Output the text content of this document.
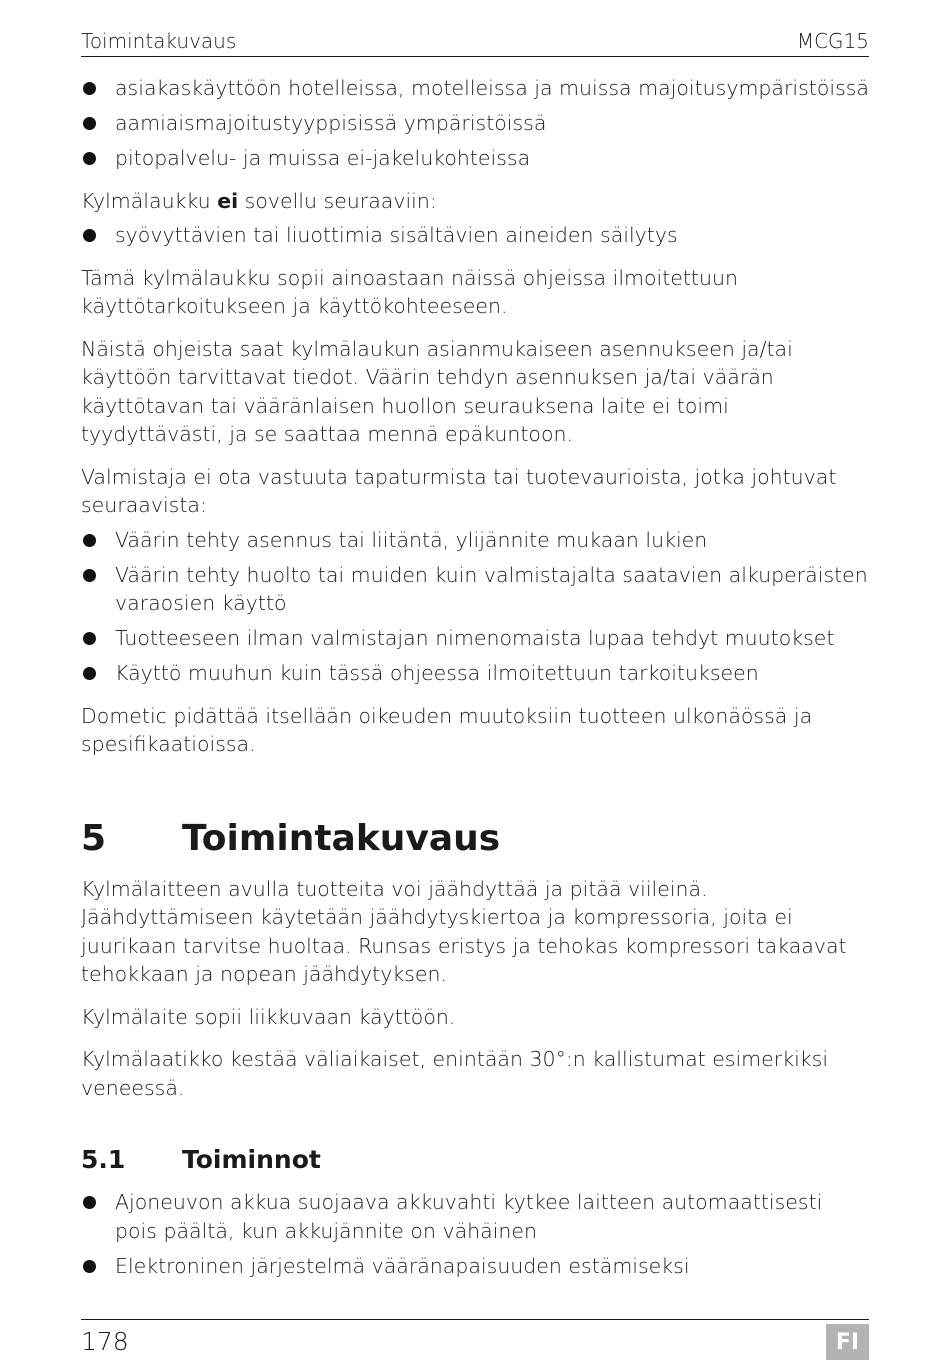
Toimintakuvaus	MCG15
asiakaskäyttöön hotelleissa, motelleissa ja muissa majoitusympäristöissä
aamiaismajoitustyyppisissä ympäristöissä
pitopalvelu- ja muissa ei-jakelukohteissa

Kylmälaukku ei sovellu seuraaviin:

syövyttävien tai liuottimia sisältävien aineiden säilytys

Tämä kylmälaukku sopii ainoastaan näissä ohjeissa ilmoitettuun käyttötarkoitukseen ja käyttökohteeseen.

Näistä ohjeista saat kylmälaukun asianmukaiseen asennukseen ja/tai käyttöön tarvittavat tiedot. Väärin tehdyn asennuksen ja/tai väärän käyttötavan tai vääränlaisen huollon seurauksena laite ei toimi tyydyttävästi, ja se saattaa mennä epäkuntoon.

Valmistaja ei ota vastuuta tapaturmista tai tuotevaurioista, jotka johtuvat seuraavista:

Väärin tehty asennus tai liitäntä, ylijännite mukaan lukien
Väärin tehty huolto tai muiden kuin valmistajalta saatavien alkuperäisten varaosien käyttö
Tuotteeseen ilman valmistajan nimenomaista lupaa tehdyt muutokset
Käyttö muuhun kuin tässä ohjeessa ilmoitettuun tarkoitukseen

Dometic pidättää itsellään oikeuden muutoksiin tuotteen ulkonäössä ja spesifikaatioissa.

5	Toimintakuvaus

Kylmälaitteen avulla tuotteita voi jäähdyttää ja pitää viileinä. Jäähdyttämiseen käytetään jäähdytyskiertoa ja kompressoria, joita ei juurikaan tarvitse huoltaa. Runsas eristys ja tehokas kompressori takaavat tehokkaan ja nopean jäähdytyksen.

Kylmälaite sopii liikkuvaan käyttöön.

Kylmälaatikko kestää väliaikaiset, enintään 30°:n kallistumat esimerkiksi veneessä.

5.1	Toiminnot
Ajoneuvon akkua suojaava akkuvahti kytkee laitteen automaattisesti pois päältä, kun akkujännite on vähäinen
Elektroninen järjestelmä vääränapaisuuden estämiseksi
178	FI
